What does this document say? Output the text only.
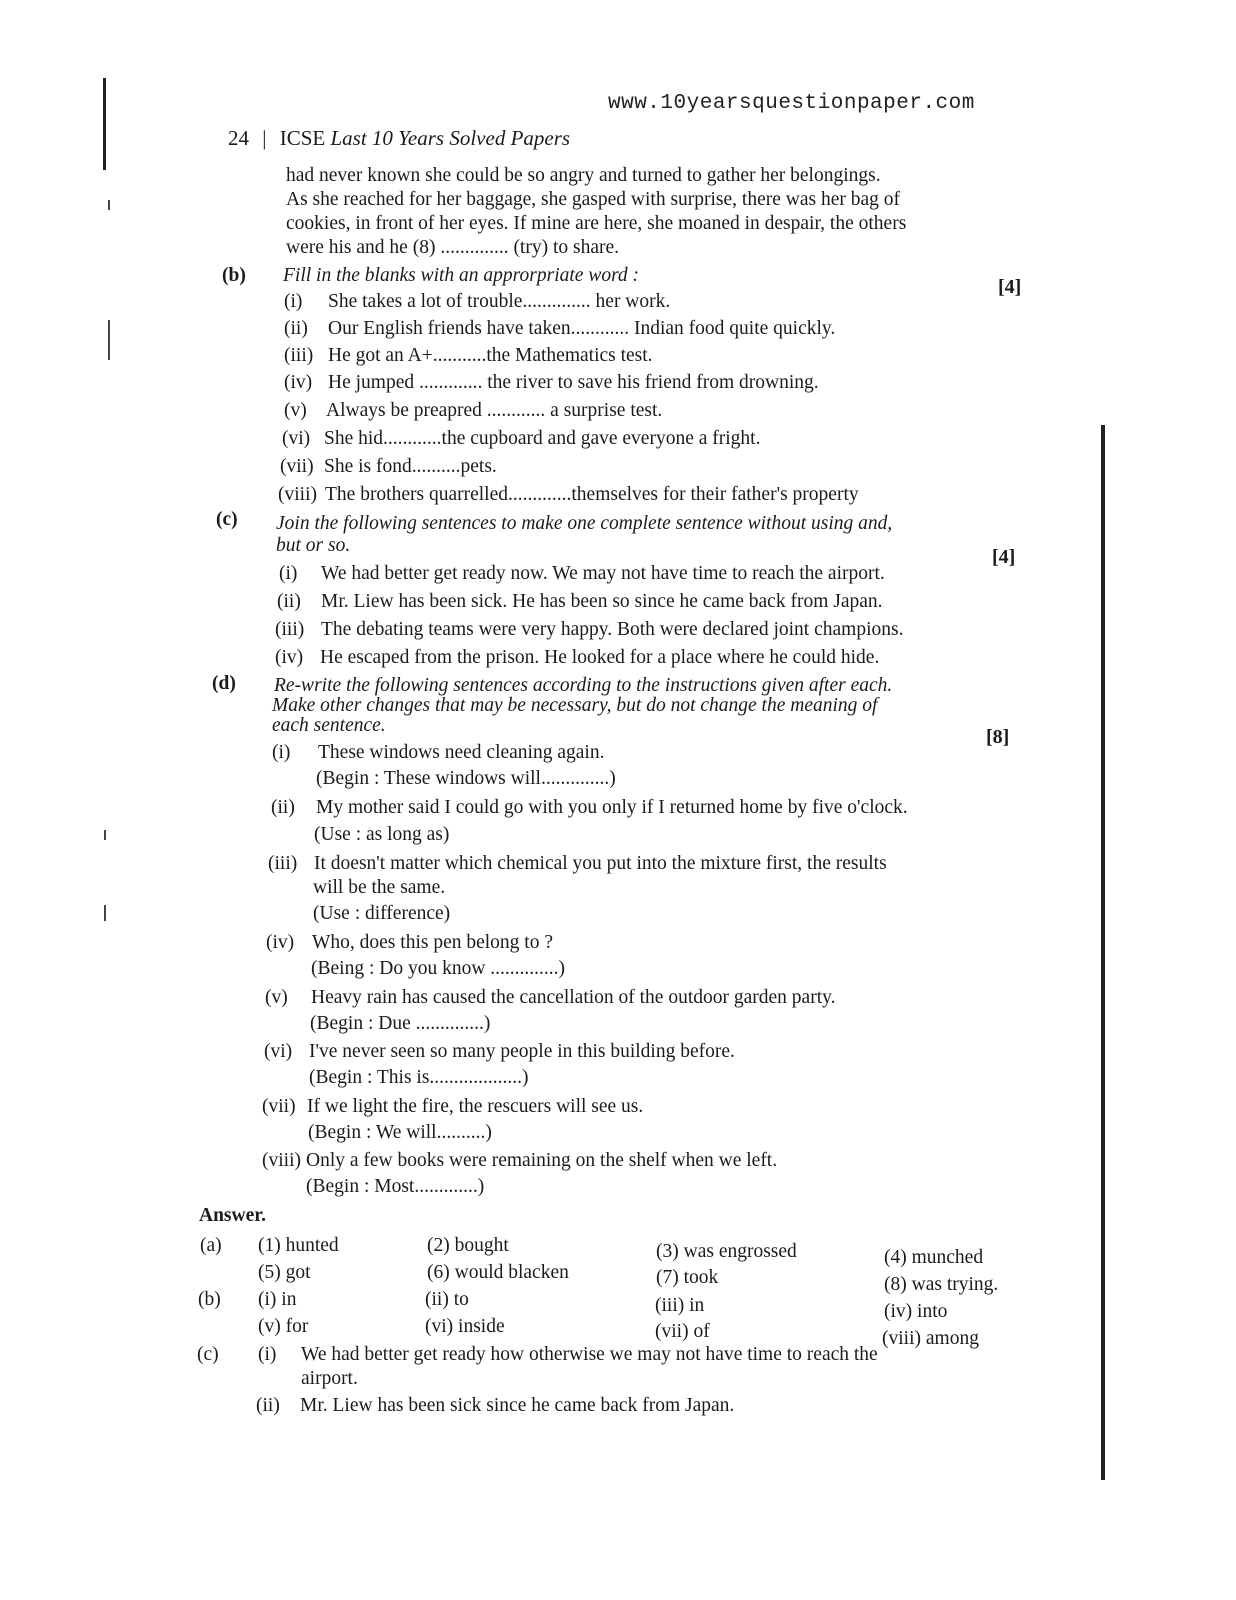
www.10yearsquestionpaper.com
24 | ICSE Last 10 Years Solved Papers
had never known she could be so angry and turned to gather her belongings.
As she reached for her baggage, she gasped with surprise, there was her bag of
cookies, in front of her eyes. If mine are here, she moaned in despair, the others
were his and he (8) .............. (try) to share.
(b) Fill in the blanks with an approrpriate word :
[4]
(i) She takes a lot of trouble.............. her work.
(ii) Our English friends have taken............ Indian food quite quickly.
(iii) He got an A+...........the Mathematics test.
(iv) He jumped ............. the river to save his friend from drowning.
(v) Always be preapred ............ a surprise test.
(vi) She hid............the cupboard and gave everyone a fright.
(vii) She is fond..........pets.
(viii) The brothers quarrelled.............themselves for their father's property
(c) Join the following sentences to make one complete sentence without using and,
but or so.
[4]
(i) We had better get ready now. We may not have time to reach the airport.
(ii) Mr. Liew has been sick. He has been so since he came back from Japan.
(iii) The debating teams were very happy. Both were declared joint champions.
(iv) He escaped from the prison. He looked for a place where he could hide.
(d) Re-write the following sentences according to the instructions given after each.
Make other changes that may be necessary, but do not change the meaning of
each sentence.
[8]
(i) These windows need cleaning again.
(Begin : These windows will..............)
(ii) My mother said I could go with you only if I returned home by five o'clock.
(Use : as long as)
(iii) It doesn't matter which chemical you put into the mixture first, the results
will be the same.
(Use : difference)
(iv) Who, does this pen belong to ?
(Being : Do you know ..............)
(v) Heavy rain has caused the cancellation of the outdoor garden party.
(Begin : Due ..............)
(vi) I've never seen so many people in this building before.
(Begin : This is...................)
(vii) If we light the fire, the rescuers will see us.
(Begin : We will..........)
(viii) Only a few books were remaining on the shelf when we left.
(Begin : Most.............)
Answer.
(a) (1) hunted	(2) bought	(3) was engrossed	(4) munched
(5) got	(6) would blacken	(7) took	(8) was trying.
(b) (i) in	(ii) to	(iii) in	(iv) into
(v) for	(vi) inside	(vii) of	(viii) among
(c) (i) We had better get ready how otherwise we may not have time to reach the
airport.
(ii) Mr. Liew has been sick since he came back from Japan.
